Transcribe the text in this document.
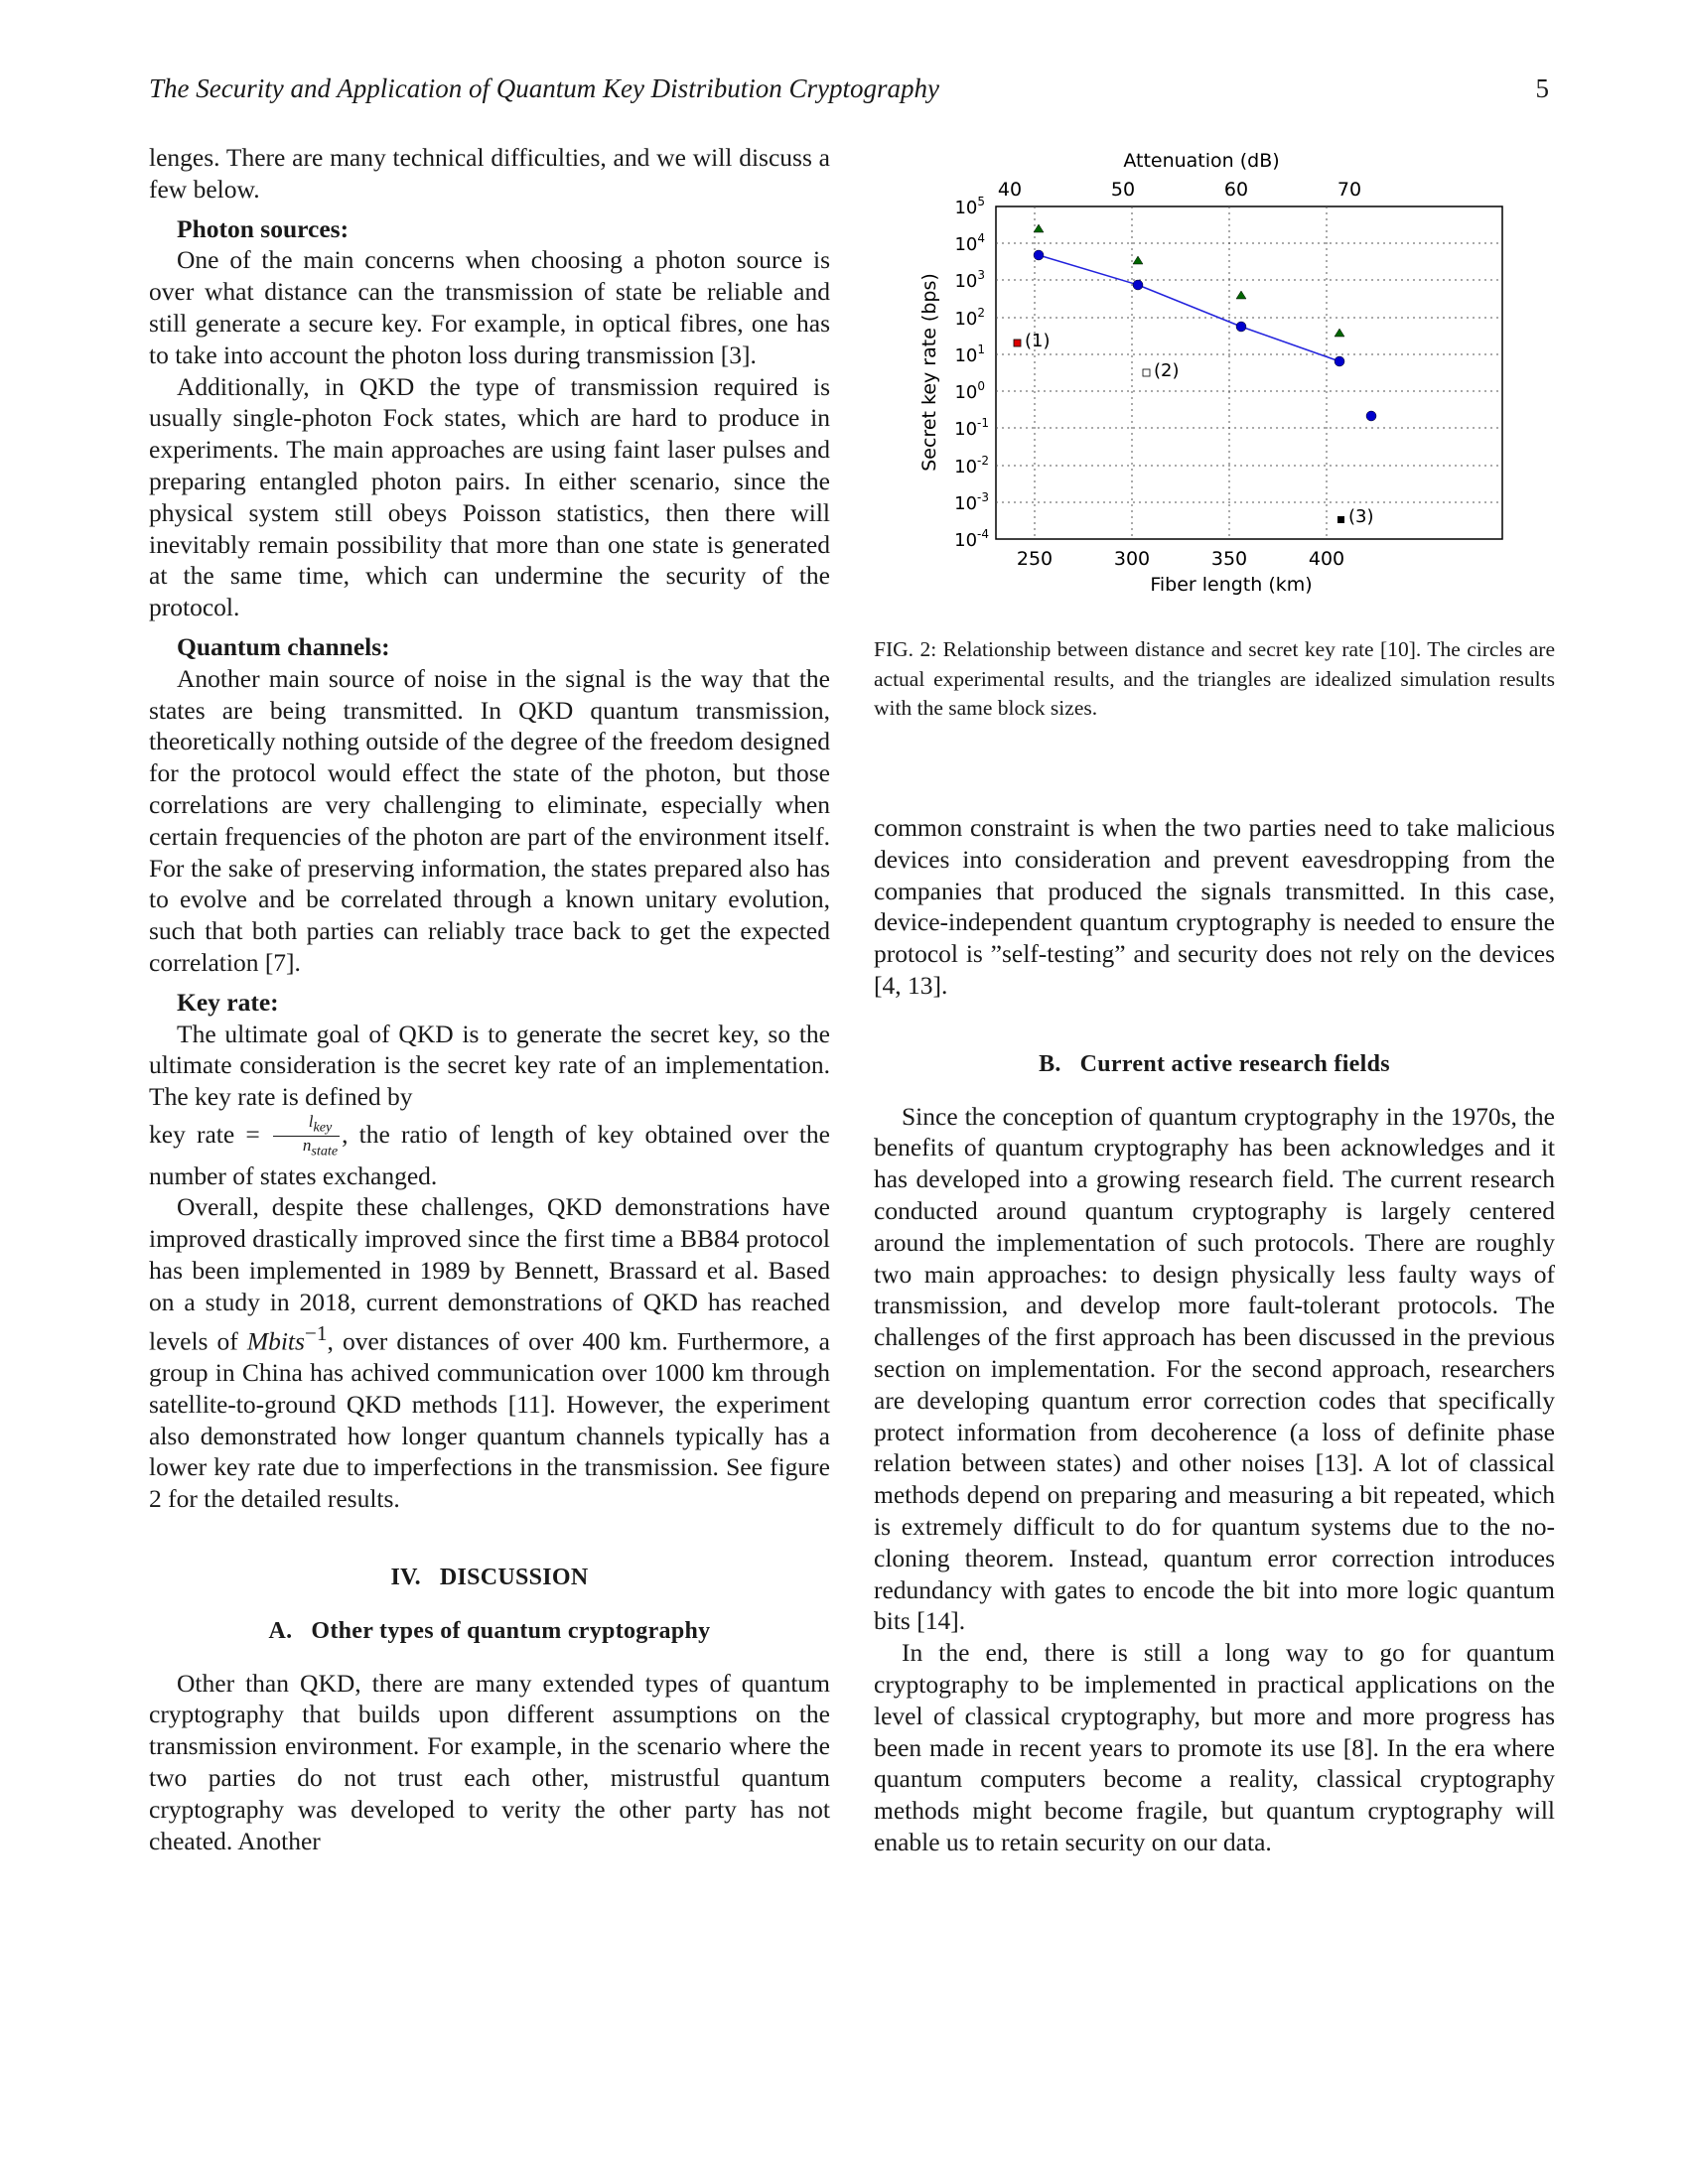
The Security and Application of Quantum Key Distribution Cryptography	5

lenges. There are many technical difficulties, and we will discuss a few below.

Photon sources:

One of the main concerns when choosing a photon source is over what distance can the transmission of state be reliable and still generate a secure key. For example, in optical fibres, one has to take into account the photon loss during transmission [3].

Additionally, in QKD the type of transmission required is usually single-photon Fock states, which are hard to produce in experiments. The main approaches are using faint laser pulses and preparing entangled photon pairs. In either scenario, since the physical system still obeys Poisson statistics, then there will inevitably remain possibility that more than one state is generated at the same time, which can undermine the security of the protocol.

Quantum channels:

Another main source of noise in the signal is the way that the states are being transmitted. In QKD quantum transmission, theoretically nothing outside of the degree of the freedom designed for the protocol would effect the state of the photon, but those correlations are very challenging to eliminate, especially when certain frequencies of the photon are part of the environment itself. For the sake of preserving information, the states prepared also has to evolve and be correlated through a known unitary evolution, such that both parties can reliably trace back to get the expected correlation [7].

Key rate:

The ultimate goal of QKD is to generate the secret key, so the ultimate consideration is the secret key rate of an implementation. The key rate is defined by
key rate = $\frac{l_{key}}{n_{state}}$ , the ratio of length of key obtained over the number of states exchanged.

Overall, despite these challenges, QKD demonstrations have improved drastically improved since the first time a BB84 protocol has been implemented in 1989 by Bennett, Brassard et al. Based on a study in 2018, current demonstrations of QKD has reached levels of Mbits$^{-1}$, over distances of over 400 km. Furthermore, a group in China has achived communication over 1000 km through satellite-to-ground QKD methods [11]. However, the experiment also demonstrated how longer quantum channels typically has a lower key rate due to imperfections in the transmission. See figure 2 for the detailed results.

IV.   DISCUSSION

A.   Other types of quantum cryptography

Other than QKD, there are many extended types of quantum cryptography that builds upon different assumptions on the transmission environment. For example, in the scenario where the two parties do not trust each other, mistrustful quantum cryptography was developed to verity the other party has not cheated. Another

Attenuation (dB)
40	50	60	70
250	300	350	400
Fiber length (km)
Secret key rate (bps)
$10^5$
$10^4$
$10^3$
$10^2$
$10^1$
$10^0$
$10^{-1}$
$10^{-2}$
$10^{-3}$
$10^{-4}$
(1)
(2)
(3)
FIG. 2: Relationship between distance and secret key rate [10]. The circles are actual experimental results, and the triangles are idealized simulation results with the same block sizes.

common constraint is when the two parties need to take malicious devices into consideration and prevent eavesdropping from the companies that produced the signals transmitted. In this case, device-independent quantum cryptography is needed to ensure the protocol is ”self-testing” and security does not rely on the devices [4, 13].

B.   Current active research fields

Since the conception of quantum cryptography in the 1970s, the benefits of quantum cryptography has been acknowledges and it has developed into a growing research field. The current research conducted around quantum cryptography is largely centered around the implementation of such protocols. There are roughly two main approaches: to design physically less faulty ways of transmission, and develop more fault-tolerant protocols. The challenges of the first approach has been discussed in the previous section on implementation. For the second approach, researchers are developing quantum error correction codes that specifically protect information from decoherence (a loss of definite phase relation between states) and other noises [13]. A lot of classical methods depend on preparing and measuring a bit repeated, which is extremely difficult to do for quantum systems due to the no-cloning theorem. Instead, quantum error correction introduces redundancy with gates to encode the bit into more logic quantum bits [14].

In the end, there is still a long way to go for quantum cryptography to be implemented in practical applications on the level of classical cryptography, but more and more progress has been made in recent years to promote its use [8]. In the era where quantum computers become a reality, classical cryptography methods might become fragile, but quantum cryptography will enable us to retain security on our data.
